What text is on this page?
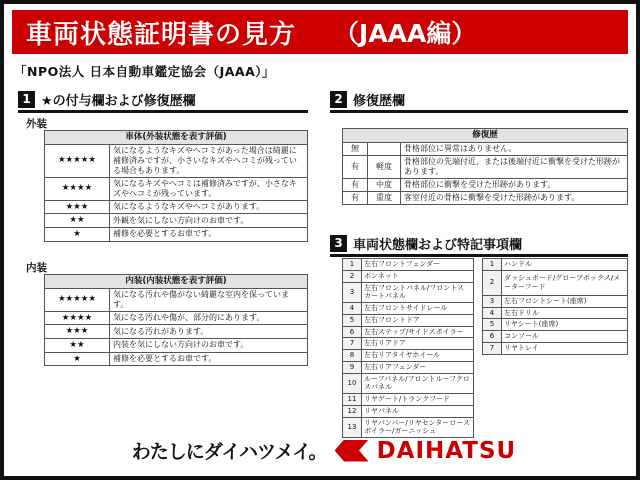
車両状態証明書の見方 （JAAA編）
「NPO法人 日本自動車鑑定協会（JAAA）」
1 ★の付与欄および修復歴欄
外装
車体(外装状態を表す評価)	
★★★★★	気になるようなキズやヘコミがあった場合は綺麗に補修済みですが、小さいなキズやヘコミが残っている場合もあります。
★★★★	気になるキズやヘコミは補修済みですが、小さなキズやヘコミが残っています。
★★★	気になるようなキズやヘコミがあります。
★★	外観を気にしない方向けのお車です。
★	補修を必要とするお車です。
内装
内装(内装状態を表す評価)	
★★★★★	気になる汚れや傷がない綺麗な室内を保っています。
★★★★	気になる汚れや傷が、部分的にあります。
★★★	気になる汚れがあります。
★★	内装を気にしない方向けのお車です。
★	補修を必要とするお車です。
2 修復歴欄
修復歴		
無		骨格部位に異常はありません。
有	軽度	骨格部位の先端付近、または後端付近に衝撃を受けた形跡があります。
有	中度	骨格部位に衝撃を受けた形跡があります。
有	重度	客室付近の骨格に衝撃を受けた形跡があります。
3 車両状態欄および特記事項欄
1	左右フロントフェンダー
2	ボンネット
3	左右フロントパネル/フロントスカートパネル
4	左右フロントサイドレール
5	左右フロントドア
6	左右ステップ/サイドスポイラー
7	左右リアドア
8	左右リアタイヤホイール
9	左右リアフェンダー
10	ルーフパネル/フロントルーフクロスパネル
11	リヤゲート/トランクフード
12	リヤパネル
13	リヤバンパー/リヤセンターロースポイラー/ガーニッシュ
1	ハンドル
2	ダッシュボード/グローブボックス/メーターフード
3	左右フロントシート(座席)
4	左右ドリル
5	リヤシート(座席)
6	コンソール
7	リヤトレイ
わたしにダイハツメイ。 DAIHATSU
